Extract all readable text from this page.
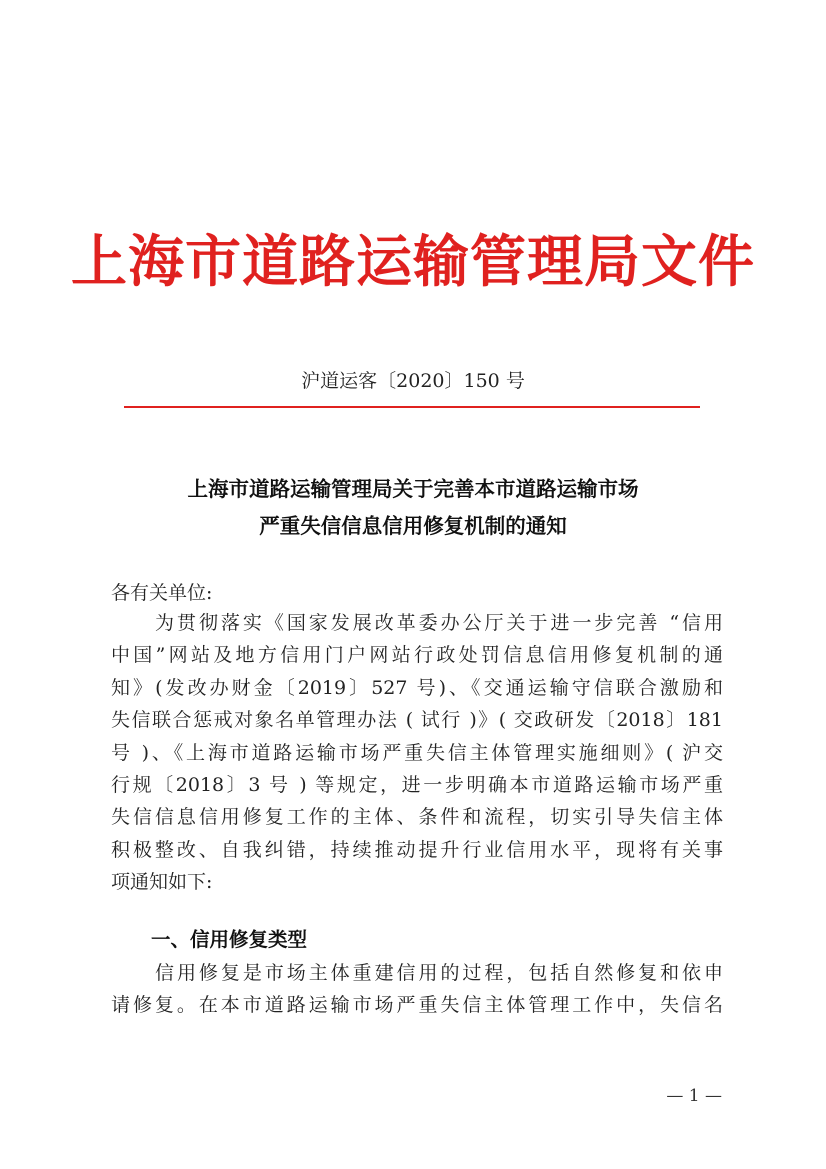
上海市道路运输管理局文件
沪道运客〔2020〕150 号
上海市道路运输管理局关于完善本市道路运输市场
严重失信信息信用修复机制的通知
各有关单位:
为贯彻落实《国家发展改革委办公厅关于进一步完善 “信用
中国”网站及地方信用门户网站行政处罚信息信用修复机制的通
知》(发改办财金〔2019〕527 号)、《交通运输守信联合激励和
失信联合惩戒对象名单管理办法 ( 试行 )》( 交政研发〔2018〕181
号 )、《上海市道路运输市场严重失信主体管理实施细则》( 沪交
行规〔2018〕3 号 ) 等规定，进一步明确本市道路运输市场严重
失信信息信用修复工作的主体、条件和流程，切实引导失信主体
积极整改、自我纠错，持续推动提升行业信用水平，现将有关事
项通知如下:
一、信用修复类型
信用修复是市场主体重建信用的过程，包括自然修复和依申
请修复。在本市道路运输市场严重失信主体管理工作中，失信名
— 1 —
